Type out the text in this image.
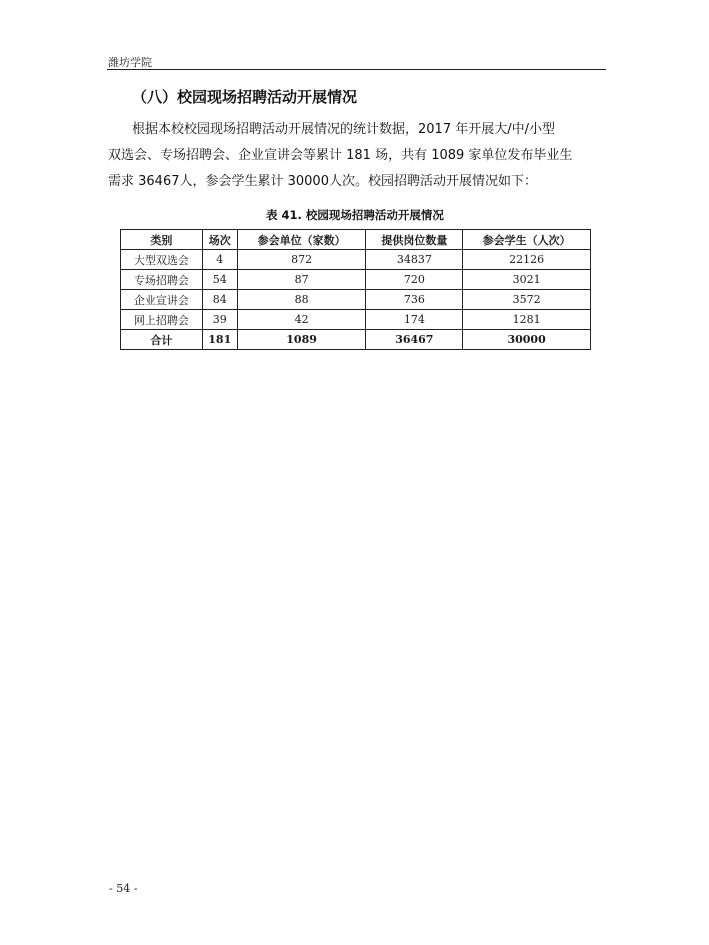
潍坊学院
（八）校园现场招聘活动开展情况
根据本校校园现场招聘活动开展情况的统计数据，2017 年开展大/中/小型
双选会、专场招聘会、企业宣讲会等累计 181 场，共有 1089 家单位发布毕业生
需求 36467人，参会学生累计 30000人次。校园招聘活动开展情况如下：
表 41. 校园现场招聘活动开展情况
类别	场次	参会单位（家数）	提供岗位数量	参会学生（人次）
大型双选会	4	872	34837	22126
专场招聘会	54	87	720	3021
企业宣讲会	84	88	736	3572
网上招聘会	39	42	174	1281
合计	181	1089	36467	30000
- 54 -
